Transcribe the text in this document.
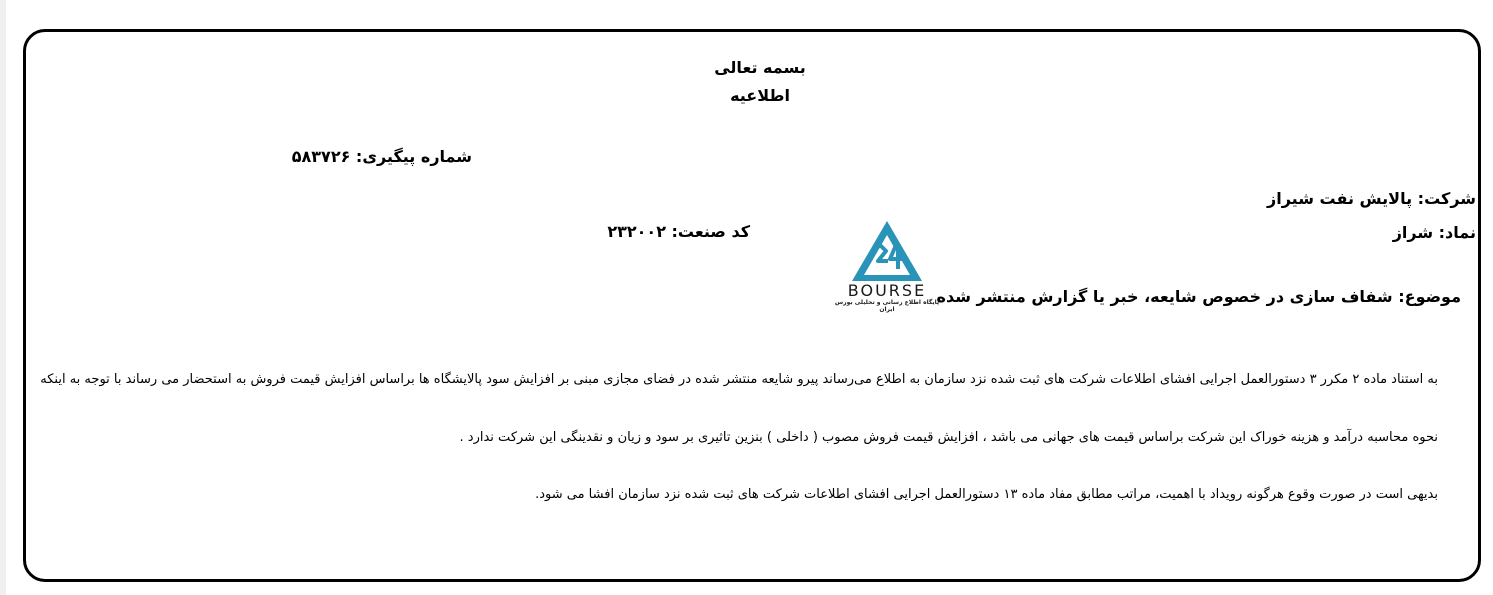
بسمه تعالی
اطلاعیه
شماره پیگیری: ۵۸۳۷۲۶
شرکت: پالایش نفت شیراز
نماد: شراز
کد صنعت: ۲۳۲۰۰۲
BOURSE
پایگاه اطلاع رسانی و تحلیلی بورس ایران
موضوع: شفاف سازی در خصوص شایعه، خبر یا گزارش منتشر شده
به استناد ماده ۲ مکرر ۳ دستورالعمل اجرایی افشای اطلاعات شرکت های ثبت شده نزد سازمان به اطلاع می‌رساند پیرو شایعه منتشر شده در فضای مجازی مبنی بر افزایش سود پالایشگاه ها براساس افزایش قیمت فروش به استحضار می رساند با توجه به اینکه
نحوه محاسبه درآمد و هزینه خوراک این شرکت براساس قیمت های جهانی می باشد ، افزایش قیمت فروش مصوب ( داخلی ) بنزین تاثیری بر سود و زیان و نقدینگی این شرکت ندارد .
بدیهی است در صورت وقوع هرگونه رویداد با اهمیت، مراتب مطابق مفاد ماده ۱۳ دستورالعمل اجرایی افشای اطلاعات شرکت های ثبت شده نزد سازمان افشا می شود.
